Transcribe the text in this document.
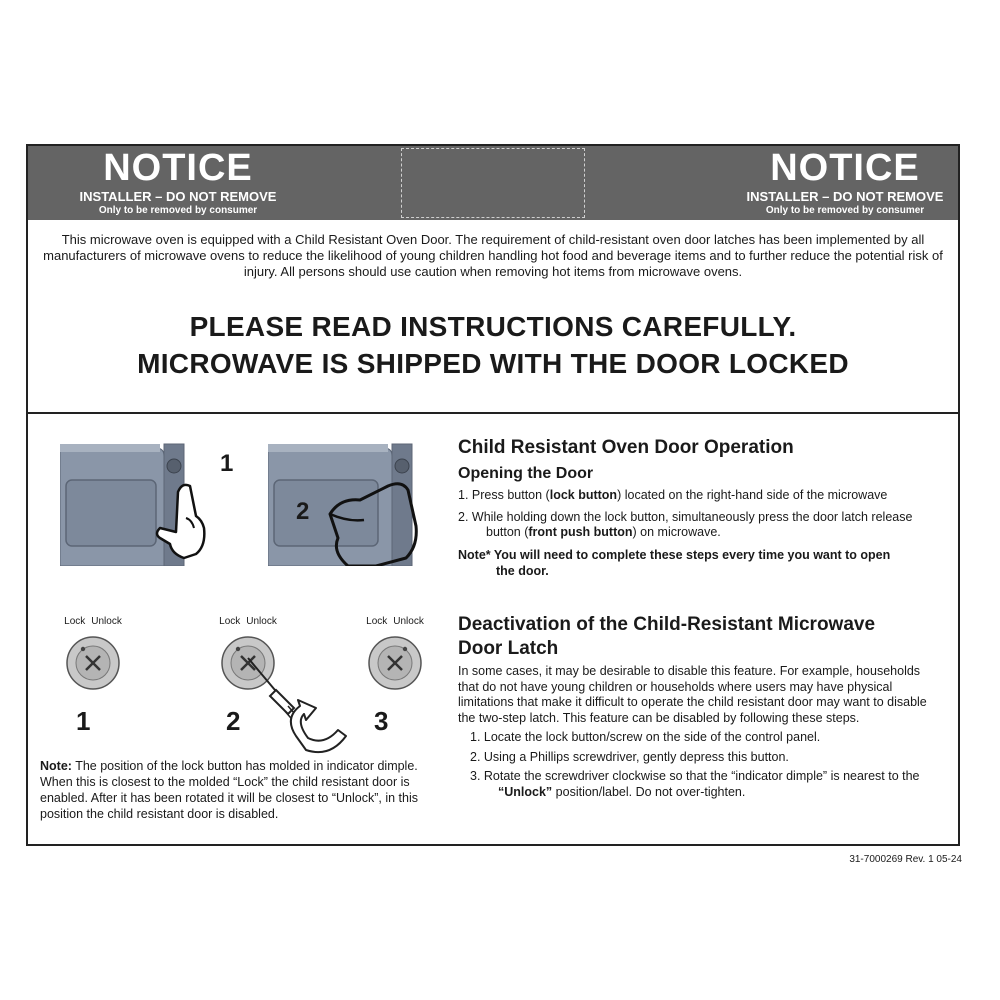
NOTICE
INSTALLER – DO NOT REMOVE
Only to be removed by consumer
NOTICE
INSTALLER – DO NOT REMOVE
Only to be removed by consumer
This microwave oven is equipped with a Child Resistant Oven Door. The requirement of child-resistant oven door latches has been implemented by all
manufacturers of microwave ovens to reduce the likelihood of young children handling hot food and beverage items and to further reduce the potential risk of
injury. All persons should use caution when removing hot items from microwave ovens.
PLEASE READ INSTRUCTIONS CAREFULLY.
MICROWAVE IS SHIPPED WITH THE DOOR LOCKED
1
2
Lock Unlock
1
Lock Unlock
2
Lock Unlock
3
Note: The position of the lock button has molded in indicator dimple.
When this is closest to the molded “Lock” the child resistant door is
enabled. After it has been rotated it will be closest to “Unlock”, in this
position the child resistant door is disabled.
Child Resistant Oven Door Operation
Opening the Door
1. Press button (lock button) located on the right-hand side of the microwave
2. While holding down the lock button, simultaneously press the door latch release
button (front push button) on microwave.
Note* You will need to complete these steps every time you want to open
the door.
Deactivation of the Child-Resistant Microwave
Door Latch
In some cases, it may be desirable to disable this feature. For example, households
that do not have young children or households where users may have physical
limitations that make it difficult to operate the child resistant door may want to disable
the two-step latch. This feature can be disabled by following these steps.
1. Locate the lock button/screw on the side of the control panel.
2. Using a Phillips screwdriver, gently depress this button.
3. Rotate the screwdriver clockwise so that the “indicator dimple” is nearest to the
“Unlock” position/label. Do not over-tighten.
31-7000269 Rev. 1 05-24
